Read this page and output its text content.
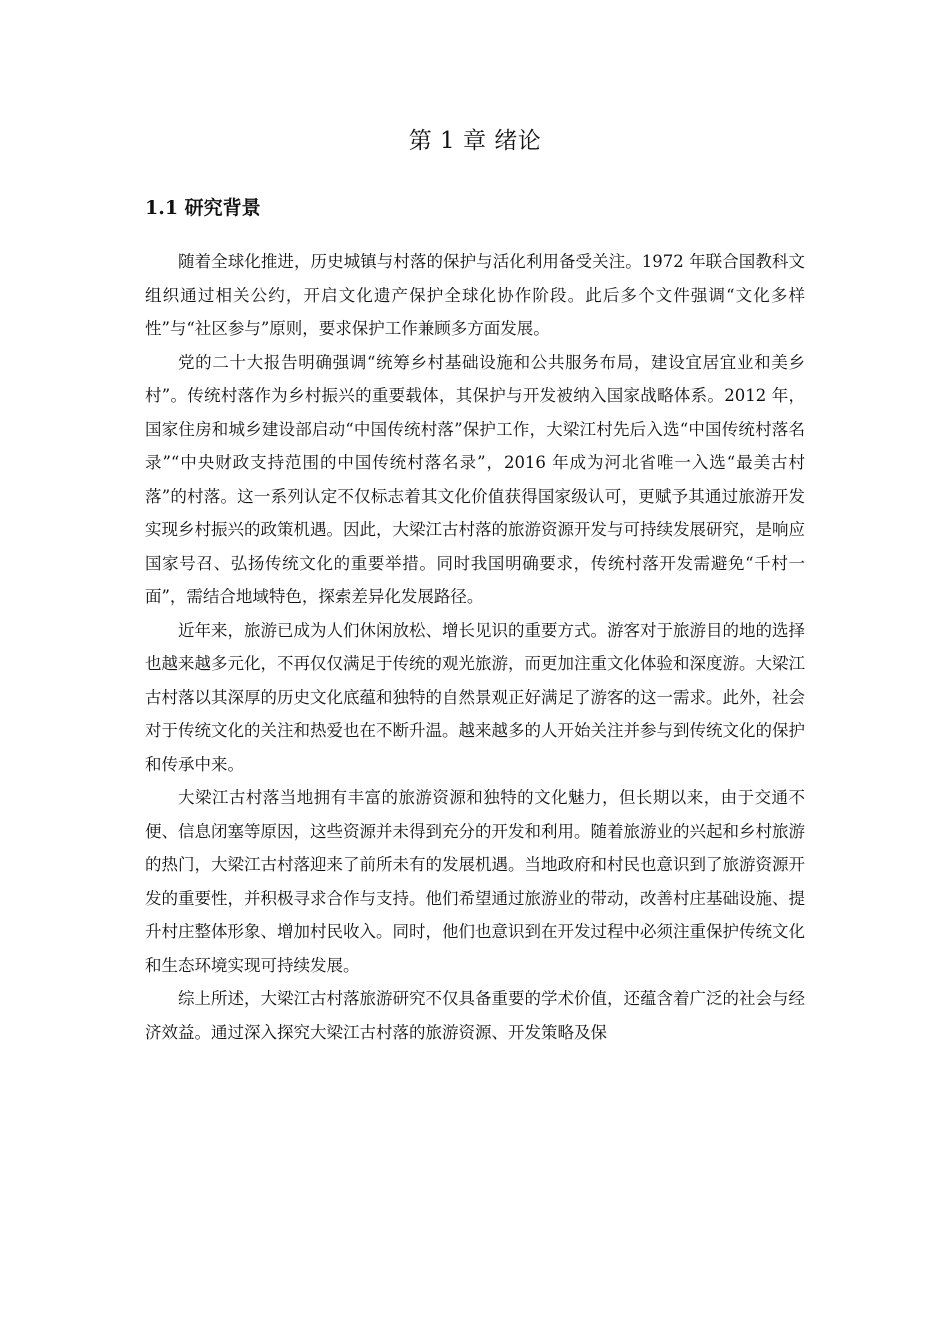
第 1 章 绪论
1.1 研究背景

随着全球化推进，历史城镇与村落的保护与活化利用备受关注。1972 年联合国教科文组织通过相关公约，开启文化遗产保护全球化协作阶段。此后多个文件强调“文化多样性”与“社区参与”原则，要求保护工作兼顾多方面发展。

党的二十大报告明确强调“统筹乡村基础设施和公共服务布局，建设宜居宜业和美乡村”。传统村落作为乡村振兴的重要载体，其保护与开发被纳入国家战略体系。2012 年，国家住房和城乡建设部启动“中国传统村落”保护工作，大梁江村先后入选“中国传统村落名录”“中央财政支持范围的中国传统村落名录”，2016 年成为河北省唯一入选“最美古村落”的村落。这一系列认定不仅标志着其文化价值获得国家级认可，更赋予其通过旅游开发实现乡村振兴的政策机遇。因此，大梁江古村落的旅游资源开发与可持续发展研究，是响应国家号召、弘扬传统文化的重要举措。同时我国明确要求，传统村落开发需避免“千村一面”，需结合地域特色，探索差异化发展路径。

近年来，旅游已成为人们休闲放松、增长见识的重要方式。游客对于旅游目的地的选择也越来越多元化，不再仅仅满足于传统的观光旅游，而更加注重文化体验和深度游。大梁江古村落以其深厚的历史文化底蕴和独特的自然景观正好满足了游客的这一需求。此外，社会对于传统文化的关注和热爱也在不断升温。越来越多的人开始关注并参与到传统文化的保护和传承中来。

大梁江古村落当地拥有丰富的旅游资源和独特的文化魅力，但长期以来，由于交通不便、信息闭塞等原因，这些资源并未得到充分的开发和利用。随着旅游业的兴起和乡村旅游的热门，大梁江古村落迎来了前所未有的发展机遇。当地政府和村民也意识到了旅游资源开发的重要性，并积极寻求合作与支持。他们希望通过旅游业的带动，改善村庄基础设施、提升村庄整体形象、增加村民收入。同时，他们也意识到在开发过程中必须注重保护传统文化和生态环境实现可持续发展。

综上所述，大梁江古村落旅游研究不仅具备重要的学术价值，还蕴含着广泛的社会与经济效益。通过深入探究大梁江古村落的旅游资源、开发策略及保
